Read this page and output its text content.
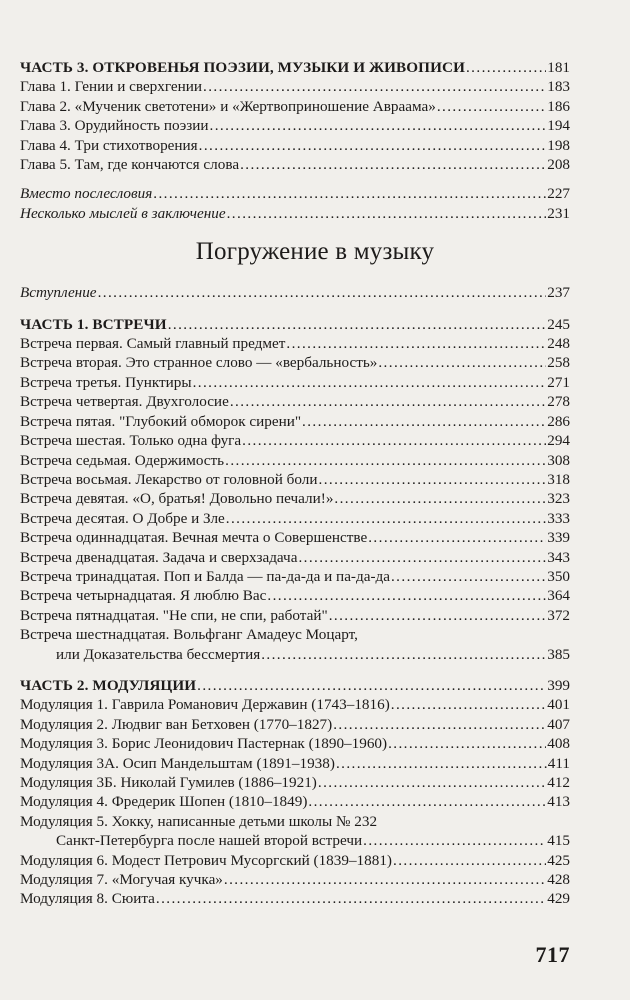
ЧАСТЬ 3. ОТКРОВЕНЬЯ ПОЭЗИИ, МУЗЫКИ И ЖИВОПИСИ . . .	181
Глава 1. Гении и сверхгении . . .	183
Глава 2. «Мученик светотени» и «Жертвоприношение Авраама» . . .	186
Глава 3. Орудийность поэзии . . .	194
Глава 4. Три стихотворения . . .	198
Глава 5. Там, где кончаются слова . . .	208
Вместо послесловия . . .	227
Несколько мыслей в заключение . . .	231
Погружение в музыку
Вступление . . .	237
ЧАСТЬ 1. ВСТРЕЧИ . . .	245
Встреча первая. Самый главный предмет . . .	248
Встреча вторая. Это странное слово — «вербальность» . . .	258
Встреча третья. Пунктиры . . .	271
Встреча четвертая. Двухголосие . . .	278
Встреча пятая. "Глубокий обморок сирени" . . .	286
Встреча шестая. Только одна фуга . . .	294
Встреча седьмая. Одержимость . . .	308
Встреча восьмая. Лекарство от головной боли . . .	318
Встреча девятая. «О, братья! Довольно печали!» . . .	323
Встреча десятая. О Добре и Зле . . .	333
Встреча одиннадцатая. Вечная мечта о Совершенстве . . .	339
Встреча двенадцатая. Задача и сверхзадача . . .	343
Встреча тринадцатая. Поп и Балда — па-да-да и па-да-да . . .	350
Встреча четырнадцатая. Я люблю Вас . . .	364
Встреча пятнадцатая. "Не спи, не спи, работай" . . .	372
Встреча шестнадцатая. Вольфганг Амадеус Моцарт,
или Доказательства бессмертия . . .	385
ЧАСТЬ 2. МОДУЛЯЦИИ . . .	399
Модуляция 1. Гаврила Романович Державин (1743–1816) . . .	401
Модуляция 2. Людвиг ван Бетховен (1770–1827) . . .	407
Модуляция 3. Борис Леонидович Пастернак (1890–1960) . . .	408
Модуляция 3А. Осип Мандельштам (1891–1938) . . .	411
Модуляция 3Б. Николай Гумилев (1886–1921) . . .	412
Модуляция 4. Фредерик Шопен (1810–1849) . . .	413
Модуляция 5. Хокку, написанные детьми школы № 232
Санкт-Петербурга после нашей второй встречи . . .	415
Модуляция 6. Модест Петрович Мусоргский (1839–1881) . . .	425
Модуляция 7. «Могучая кучка» . . .	428
Модуляция 8. Сюита . . .	429
717
